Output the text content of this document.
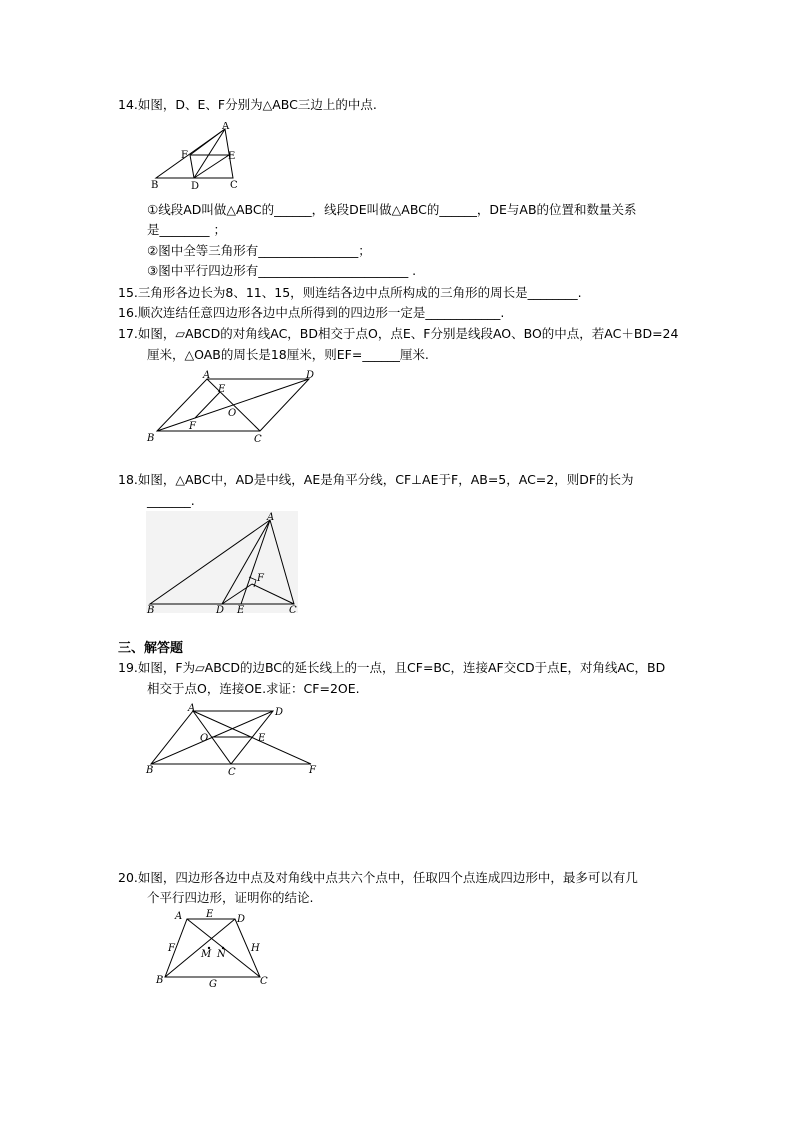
14.如图，D、E、F分别为△ABC三边上的中点.
A
B	C
D
E
F
①线段AD叫做△ABC的______，线段DE叫做△ABC的______，DE与AB的位置和数量关系
是________ ；
②图中全等三角形有________________；
③图中平行四边形有________________________ .
15.三角形各边长为8、11、15，则连结各边中点所构成的三角形的周长是________.
16.顺次连结任意四边形各边中点所得到的四边形一定是____________.
17.如图，▱ABCD的对角线AC，BD相交于点O，点E、F分别是线段AO、BO的中点，若AC＋BD=24
厘米，△OAB的周长是18厘米，则EF=______厘米.
A	D
B	C
E
O
F
18.如图，△ABC中，AD是中线，AE是角平分线，CF⊥AE于F，AB=5，AC=2，则DF的长为
_______.
A
B	C
D E
F
三、解答题
19.如图，F为▱ABCD的边BC的延长线上的一点，且CF=BC，连接AF交CD于点E，对角线AC，BD
相交于点O，连接OE.求证：CF=2OE.
A	D
B	C	F
O	E
20.如图，四边形各边中点及对角线中点共六个点中，任取四个点连成四边形中，最多可以有几
个平行四边形，证明你的结论.
A E D
F
M N
H
B	G	C
